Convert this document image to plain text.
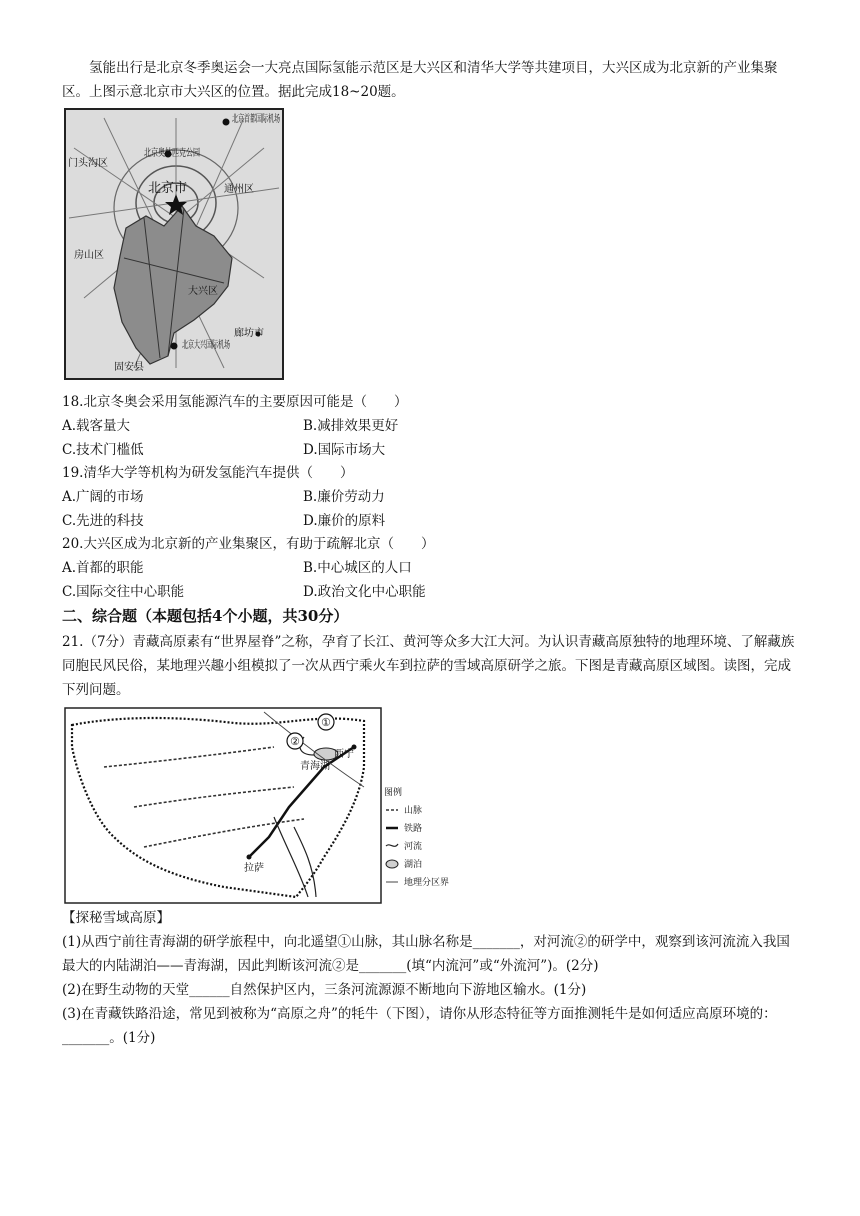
氢能出行是北京冬季奥运会一大亮点国际氢能示范区是大兴区和清华大学等共建项目，大兴区成为北京新的产业集聚区。上图示意北京市大兴区的位置。据此完成18~20题。
北京首都国际机场
北京奥林匹克公园
门头沟区
北京市	通州区
房山区
大兴区
廊坊市
北京大兴国际机场
固安县
18.北京冬奥会采用氢能源汽车的主要原因可能是（　　）
A.载客量大	B.减排效果更好
C.技术门槛低	D.国际市场大
19.清华大学等机构为研发氢能汽车提供（　　）
A.广阔的市场	B.廉价劳动力
C.先进的科技	D.廉价的原料
20.大兴区成为北京新的产业集聚区，有助于疏解北京（　　）
A.首都的职能	B.中心城区的人口
C.国际交往中心职能	D.政治文化中心职能
二、综合题（本题包括4个小题，共30分）
21.（7分）青藏高原素有“世界屋脊”之称，孕育了长江、黄河等众多大江大河。为认识青藏高原独特的地理环境、了解藏族同胞民风民俗，某地理兴趣小组模拟了一次从西宁乘火车到拉萨的雪域高原研学之旅。下图是青藏高原区域图。读图，完成下列问题。
①
②
西宁
青海湖
拉萨
图例
山脉
铁路
河流
湖泊
地理分区界
【探秘雪域高原】
(1)从西宁前往青海湖的研学旅程中，向北遥望①山脉，其山脉名称是_______，对河流②的研学中，观察到该河流流入我国最大的内陆湖泊——青海湖，因此判断该河流②是_______(填“内流河”或“外流河”)。(2分)
(2)在野生动物的天堂______自然保护区内，三条河流源源不断地向下游地区输水。(1分)
(3)在青藏铁路沿途，常见到被称为“高原之舟”的牦牛（下图），请你从形态特征等方面推测牦牛是如何适应高原环境的：_______。(1分)
